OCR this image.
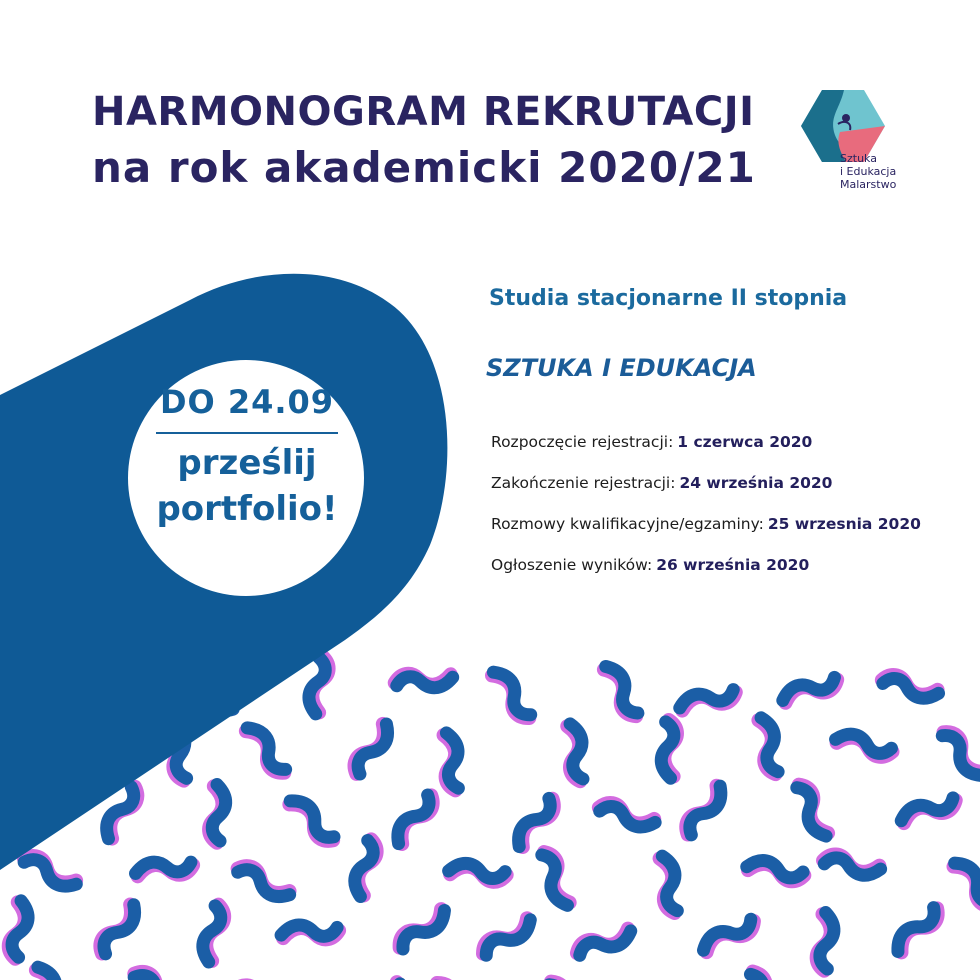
HARMONOGRAM REKRUTACJI
na rok akademicki 2020/21	Sztuka
i Edukacja
Malarstwo
DO 24.09
prześlij
portfolio!
Studia stacjonarne II stopnia
SZTUKA I EDUKACJA
Rozpoczęcie rejestracji: 1 czerwca 2020
Zakończenie rejestracji: 24 września 2020
Rozmowy kwalifikacyjne/egzaminy: 25 wrzesnia 2020
Ogłoszenie wyników: 26 września 2020
